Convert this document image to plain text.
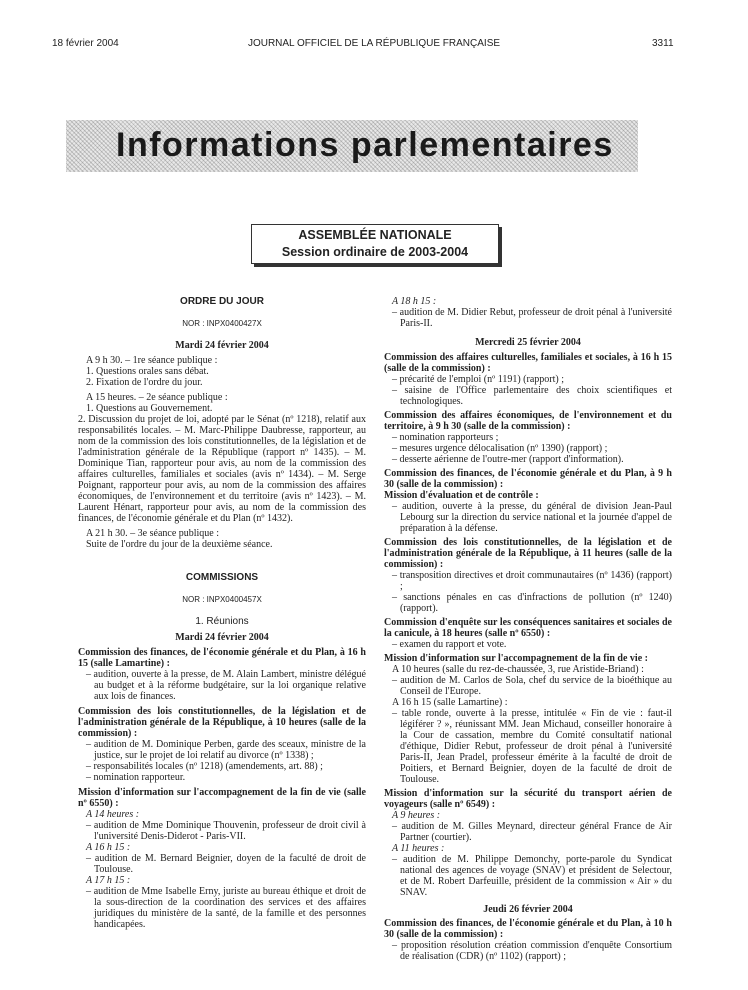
18 février 2004	JOURNAL OFFICIEL DE LA RÉPUBLIQUE FRANÇAISE	3311
Informations parlementaires
ASSEMBLÉE NATIONALE
Session ordinaire de 2003-2004

ORDRE DU JOUR

NOR : INPX0400427X

Mardi 24 février 2004

A 9 h 30. – 1re séance publique :

1. Questions orales sans débat.

2. Fixation de l'ordre du jour.

A 15 heures. – 2e séance publique :

1. Questions au Gouvernement.

2. Discussion du projet de loi, adopté par le Sénat (nº 1218), relatif aux responsabilités locales. – M. Marc-Philippe Daubresse, rapporteur, au nom de la commission des lois constitutionnelles, de la législation et de l'administration générale de la République (rapport nº 1435). – M. Dominique Tian, rapporteur pour avis, au nom de la commission des affaires culturelles, familiales et sociales (avis nº 1434). – M. Serge Poignant, rapporteur pour avis, au nom de la commission des affaires économiques, de l'environnement et du territoire (avis nº 1423). – M. Laurent Hénart, rapporteur pour avis, au nom de la commission des finances, de l'économie générale et du Plan (nº 1432).

A 21 h 30. – 3e séance publique :

Suite de l'ordre du jour de la deuxième séance.

COMMISSIONS

NOR : INPX0400457X

1. Réunions

Mardi 24 février 2004

Commission des finances, de l'économie générale et du Plan, à 16 h 15 (salle Lamartine) :

– audition, ouverte à la presse, de M. Alain Lambert, ministre délégué au budget et à la réforme budgétaire, sur la loi organique relative aux lois de finances.

Commission des lois constitutionnelles, de la législation et de l'administration générale de la République, à 10 heures (salle de la commission) :

– audition de M. Dominique Perben, garde des sceaux, ministre de la justice, sur le projet de loi relatif au divorce (nº 1338) ;

– responsabilités locales (nº 1218) (amendements, art. 88) ;

– nomination rapporteur.

Mission d'information sur l'accompagnement de la fin de vie (salle nº 6550) :

A 14 heures :

– audition de Mme Dominique Thouvenin, professeur de droit civil à l'université Denis-Diderot - Paris-VII.

A 16 h 15 :

– audition de M. Bernard Beignier, doyen de la faculté de droit de Toulouse.

A 17 h 15 :

– audition de Mme Isabelle Erny, juriste au bureau éthique et droit de la sous-direction de la coordination des services et des affaires juridiques du ministère de la santé, de la famille et des personnes handicapées.

A 18 h 15 :

– audition de M. Didier Rebut, professeur de droit pénal à l'université Paris-II.

Mercredi 25 février 2004

Commission des affaires culturelles, familiales et sociales, à 16 h 15 (salle de la commission) :

– précarité de l'emploi (nº 1191) (rapport) ;

– saisine de l'Office parlementaire des choix scientifiques et technologiques.

Commission des affaires économiques, de l'environnement et du territoire, à 9 h 30 (salle de la commission) :

– nomination rapporteurs ;

– mesures urgence délocalisation (nº 1390) (rapport) ;

– desserte aérienne de l'outre-mer (rapport d'information).

Commission des finances, de l'économie générale et du Plan, à 9 h 30 (salle de la commission) :

Mission d'évaluation et de contrôle :

– audition, ouverte à la presse, du général de division Jean-Paul Lebourg sur la direction du service national et la journée d'appel de préparation à la défense.

Commission des lois constitutionnelles, de la législation et de l'administration générale de la République, à 11 heures (salle de la commission) :

– transposition directives et droit communautaires (nº 1436) (rapport) ;

– sanctions pénales en cas d'infractions de pollution (nº 1240) (rapport).

Commission d'enquête sur les conséquences sanitaires et sociales de la canicule, à 18 heures (salle nº 6550) :

– examen du rapport et vote.

Mission d'information sur l'accompagnement de la fin de vie :

A 10 heures (salle du rez-de-chaussée, 3, rue Aristide-Briand) :

– audition de M. Carlos de Sola, chef du service de la bioéthique au Conseil de l'Europe.

A 16 h 15 (salle Lamartine) :

– table ronde, ouverte à la presse, intitulée « Fin de vie : faut-il légiférer ? », réunissant MM. Jean Michaud, conseiller honoraire à la Cour de cassation, membre du Comité consultatif national d'éthique, Didier Rebut, professeur de droit pénal à l'université Paris-II, Jean Pradel, professeur émérite à la faculté de droit de Poitiers, et Bernard Beignier, doyen de la faculté de droit de Toulouse.

Mission d'information sur la sécurité du transport aérien de voyageurs (salle nº 6549) :

A 9 heures :

– audition de M. Gilles Meynard, directeur général France de Air Partner (courtier).

A 11 heures :

– audition de M. Philippe Demonchy, porte-parole du Syndicat national des agences de voyage (SNAV) et président de Selectour, et de M. Robert Darfeuille, président de la commission « Air » du SNAV.

Jeudi 26 février 2004

Commission des finances, de l'économie générale et du Plan, à 10 h 30 (salle de la commission) :

– proposition résolution création commission d'enquête Consortium de réalisation (CDR) (nº 1102) (rapport) ;
